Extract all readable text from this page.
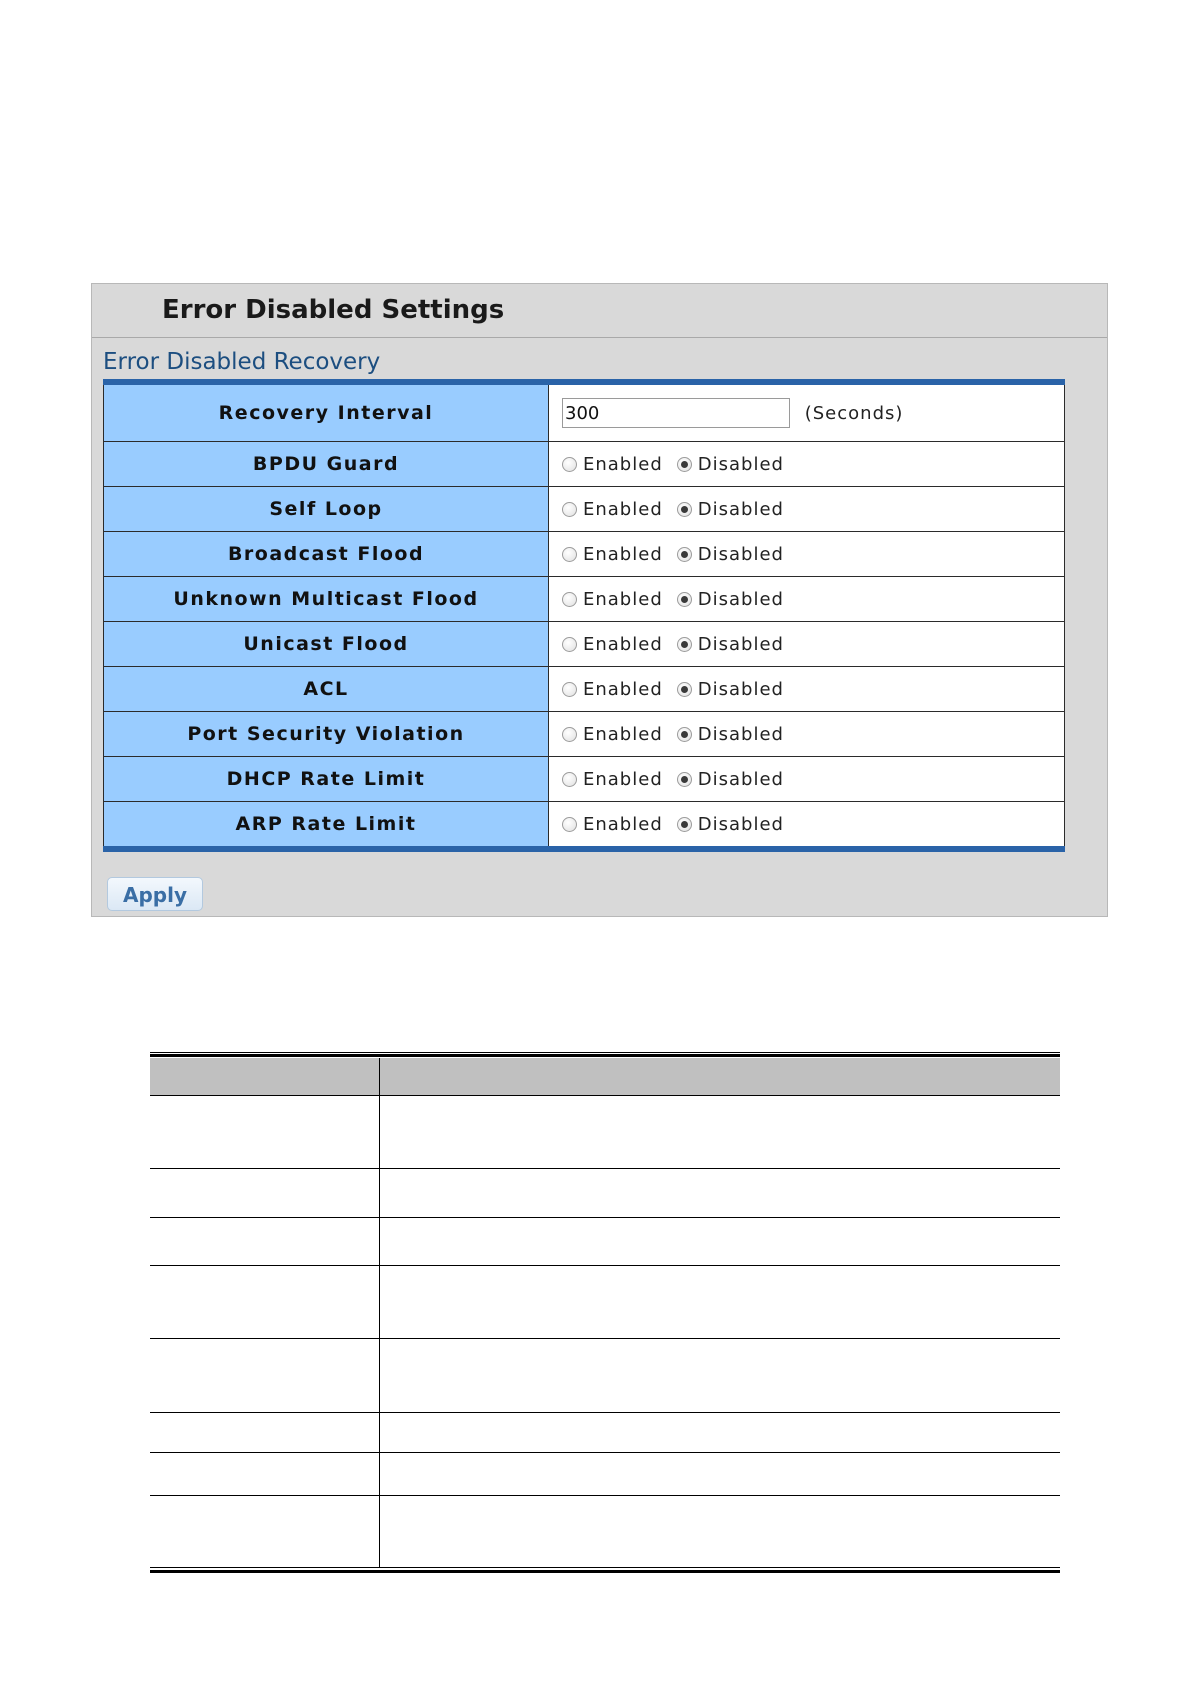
Error Disabled Settings
Error Disabled Recovery
Recovery Interval	300(Seconds)
BPDU Guard	Enabled Disabled
Self Loop	Enabled Disabled
Broadcast Flood	Enabled Disabled
Unknown Multicast Flood	Enabled Disabled
Unicast Flood	Enabled Disabled
ACL	Enabled Disabled
Port Security Violation	Enabled Disabled
DHCP Rate Limit	Enabled Disabled
ARP Rate Limit	Enabled Disabled
Apply
